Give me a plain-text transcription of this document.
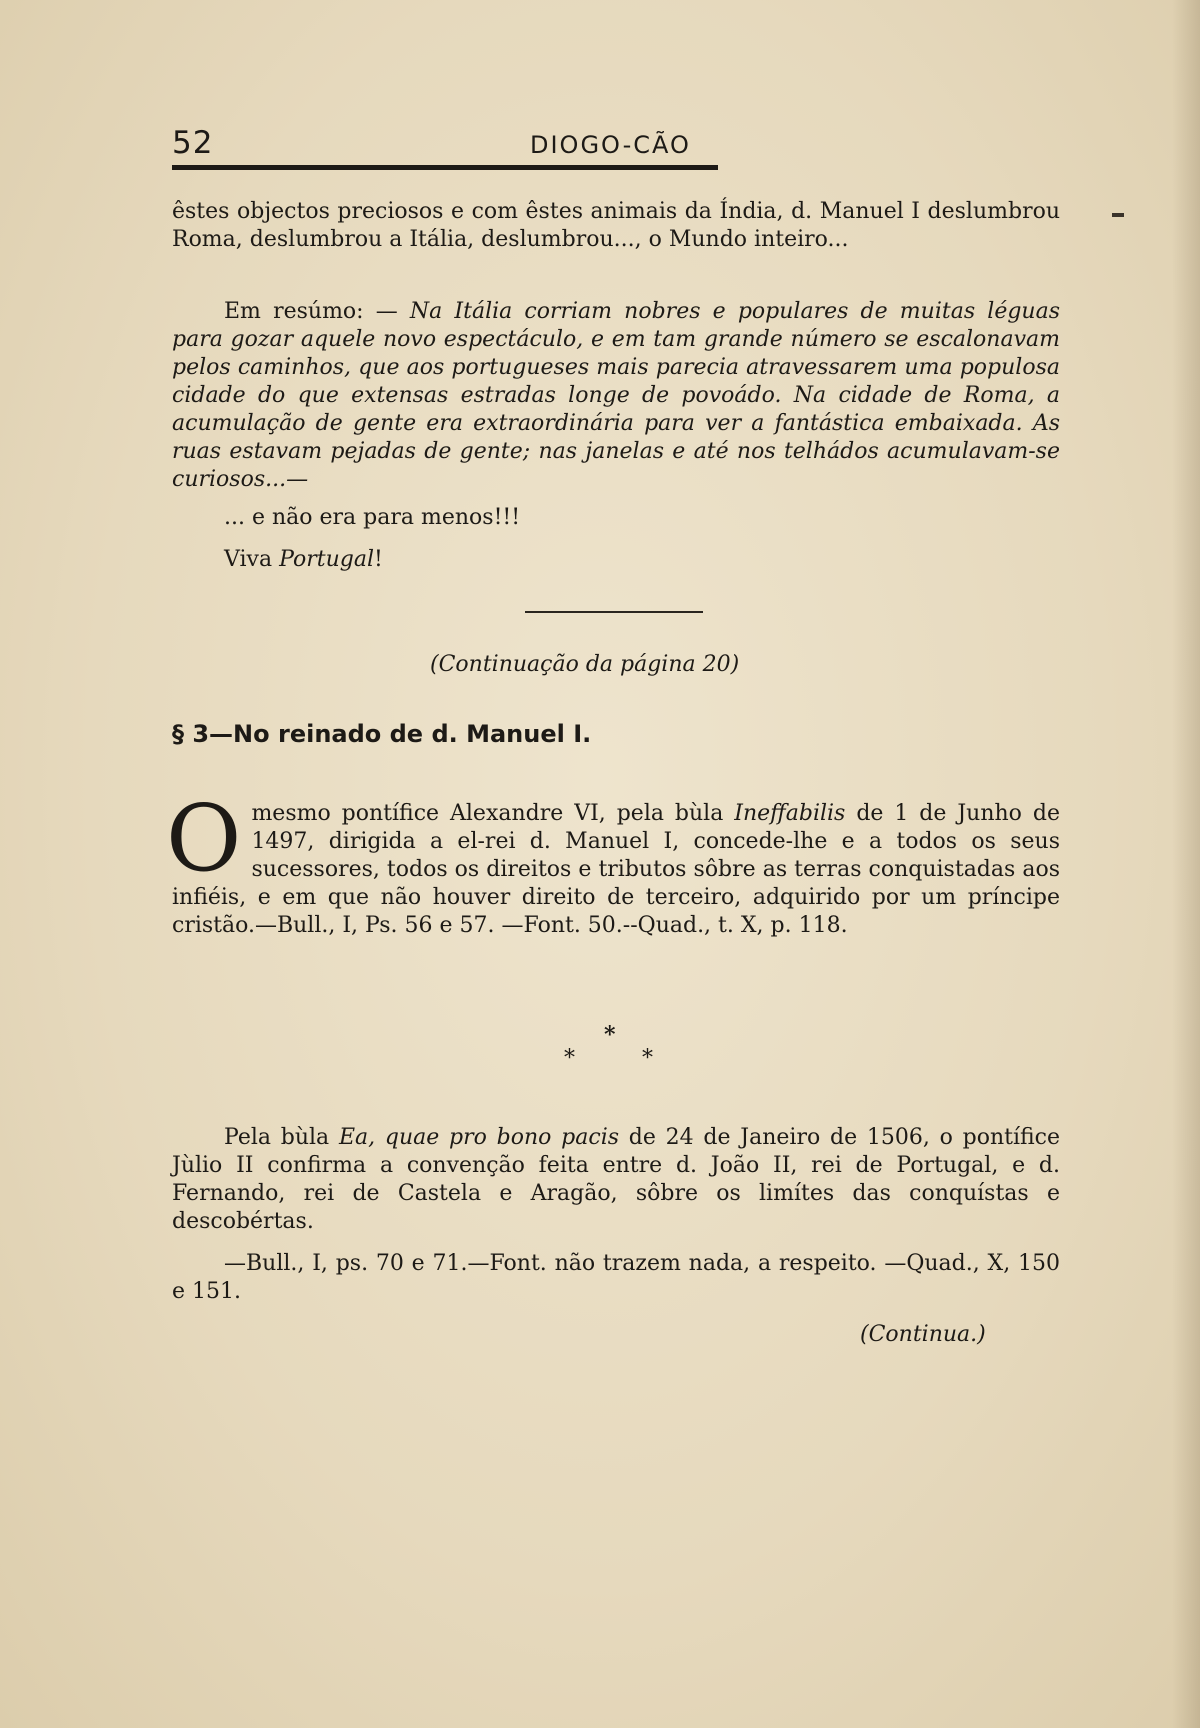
52	DIOGO-CÃO

êstes objectos preciosos e com êstes animais da Índia, d. Manuel I deslumbrou Roma, deslumbrou a Itália, deslumbrou..., o Mundo inteiro...

Em resúmo: — Na Itália corriam nobres e populares de muitas léguas para gozar aquele novo espectáculo, e em tam grande número se escalonavam pelos caminhos, que aos portugueses mais parecia atravessarem uma populosa cidade do que extensas estradas longe de povoádo. Na cidade de Roma, a acumulação de gente era extraordinária para ver a fantástica embaixada. As ruas estavam pejadas de gente; nas janelas e até nos telhádos acumulavam-se curiosos...—

... e não era para menos!!!

Viva Portugal!

(Continuação da página 20)
§ 3—No reinado de d. Manuel I.
O mesmo pontífice Alexandre VI, pela bùla Ineffabilis de 1 de Junho de 1497, dirigida a el-rei d. Manuel I, concede-lhe e a todos os seus sucessores, todos os direitos e tributos sôbre as terras conquistadas aos infiéis, e em que não houver direito de terceiro, adquirido por um príncipe cristão.—Bull., I, Ps. 56 e 57. —Font. 50.--Quad., t. X, p. 118.
*
*	*

Pela bùla Ea, quae pro bono pacis de 24 de Janeiro de 1506, o pontífice Jùlio II confirma a convenção feita entre d. João II, rei de Portugal, e d. Fernando, rei de Castela e Aragão, sôbre os limítes das conquístas e descobértas.

—Bull., I, ps. 70 e 71.—Font. não trazem nada, a respeito. —Quad., X, 150 e 151.

(Continua.)
